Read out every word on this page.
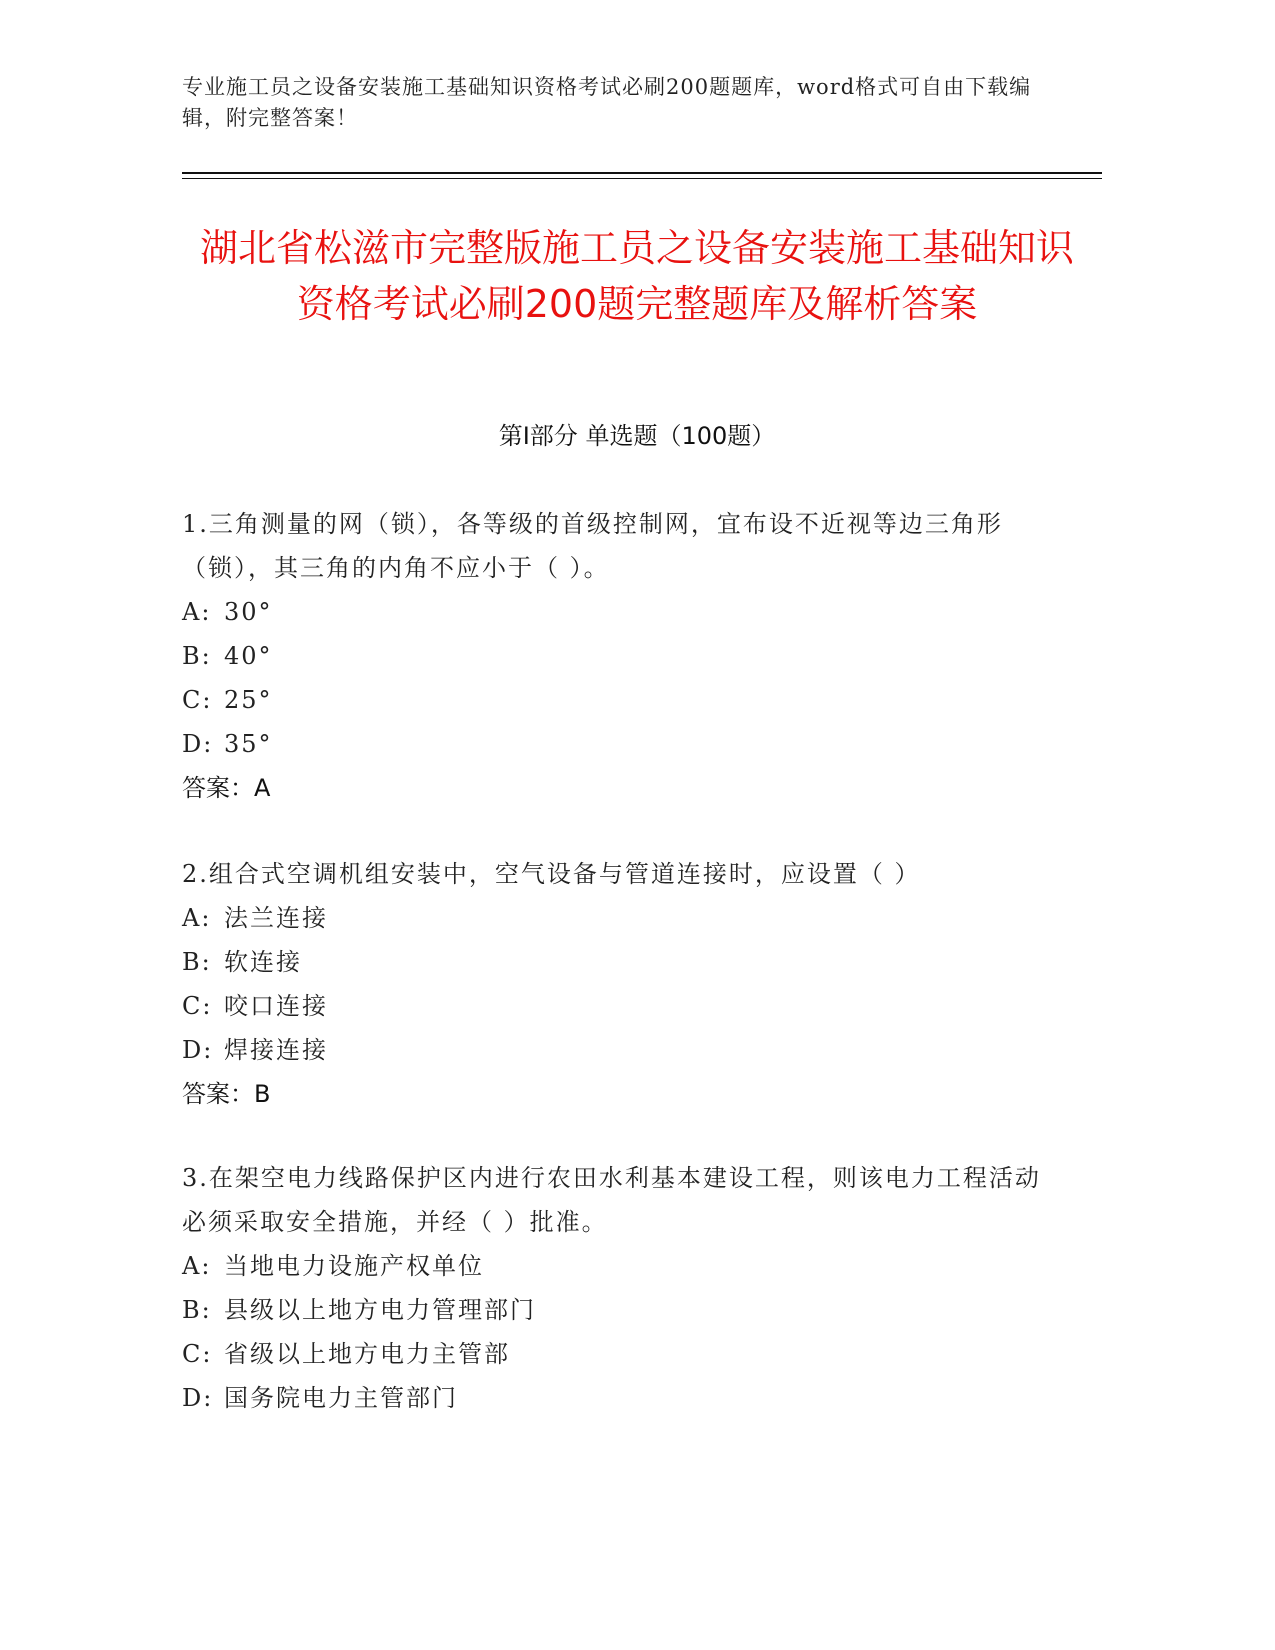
专业施工员之设备安装施工基础知识资格考试必刷200题题库，word格式可自由下载编辑，附完整答案！
湖北省松滋市完整版施工员之设备安装施工基础知识资格考试必刷200题完整题库及解析答案
第Ⅰ部分 单选题（100题）
1.三角测量的网（锁），各等级的首级控制网，宜布设不近视等边三角形（锁），其三角的内角不应小于（ ）。
A: 30°
B: 40°
C: 25°
D: 35°
答案：A
2.组合式空调机组安装中，空气设备与管道连接时，应设置（ ）
A: 法兰连接
B: 软连接
C: 咬口连接
D: 焊接连接
答案：B
3.在架空电力线路保护区内进行农田水利基本建设工程，则该电力工程活动必须采取安全措施，并经（ ）批准。
A: 当地电力设施产权单位
B: 县级以上地方电力管理部门
C: 省级以上地方电力主管部
D: 国务院电力主管部门
